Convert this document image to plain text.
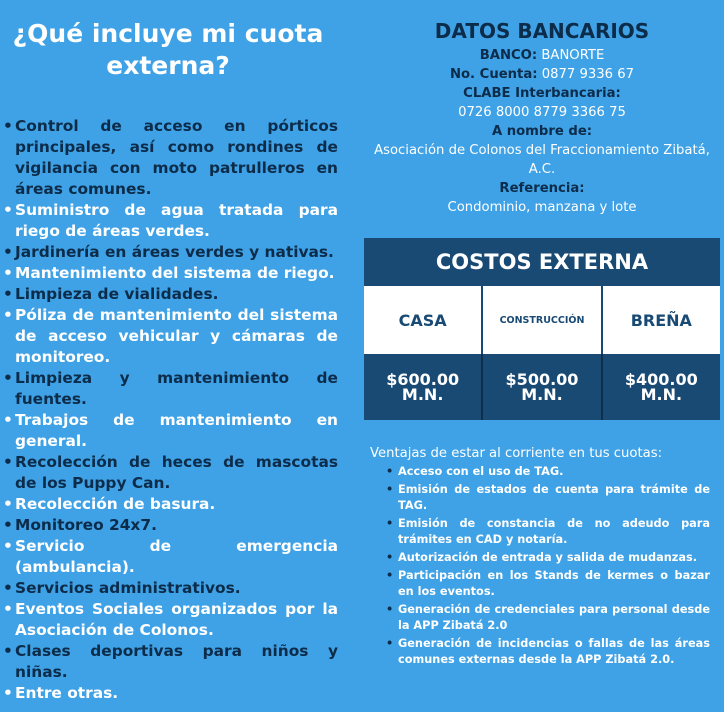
¿Qué incluye mi cuota externa?
• Control de acceso en pórticos principales, así como rondines de vigilancia con moto patrulleros en áreas comunes.
• Suministro de agua tratada para riego de áreas verdes.
• Jardinería en áreas verdes y nativas.
• Mantenimiento del sistema de riego.
• Limpieza de vialidades.
• Póliza de mantenimiento del sistema de acceso vehicular y cámaras de monitoreo.
• Limpieza y mantenimiento de fuentes.
• Trabajos de mantenimiento en general.
• Recolección de heces de mascotas de los Puppy Can.
• Recolección de basura.
• Monitoreo 24x7.
• Servicio de emergencia (ambulancia).
• Servicios administrativos.
• Eventos Sociales organizados por la Asociación de Colonos.
• Clases deportivas para niños y niñas.
• Entre otras.
DATOS BANCARIOS
BANCO: BANORTE
No. Cuenta: 0877 9336 67
CLABE Interbancaria:
0726 8000 8779 3366 75
A nombre de:
Asociación de Colonos del Fraccionamiento Zibatá, A.C.
Referencia:
Condominio, manzana y lote
COSTOS EXTERNA
CASA	CONSTRUCCIÓN	BREÑA
$600.00
M.N.
$500.00
M.N.
$400.00
M.N.
Ventajas de estar al corriente en tus cuotas:
• Acceso con el uso de TAG.
• Emisión de estados de cuenta para trámite de TAG.
• Emisión de constancia de no adeudo para trámites en CAD y notaría.
• Autorización de entrada y salida de mudanzas.
• Participación en los Stands de kermes o bazar en los eventos.
• Generación de credenciales para personal desde la APP Zibatá 2.0
• Generación de incidencias o fallas de las áreas comunes externas desde la APP Zibatá 2.0.
